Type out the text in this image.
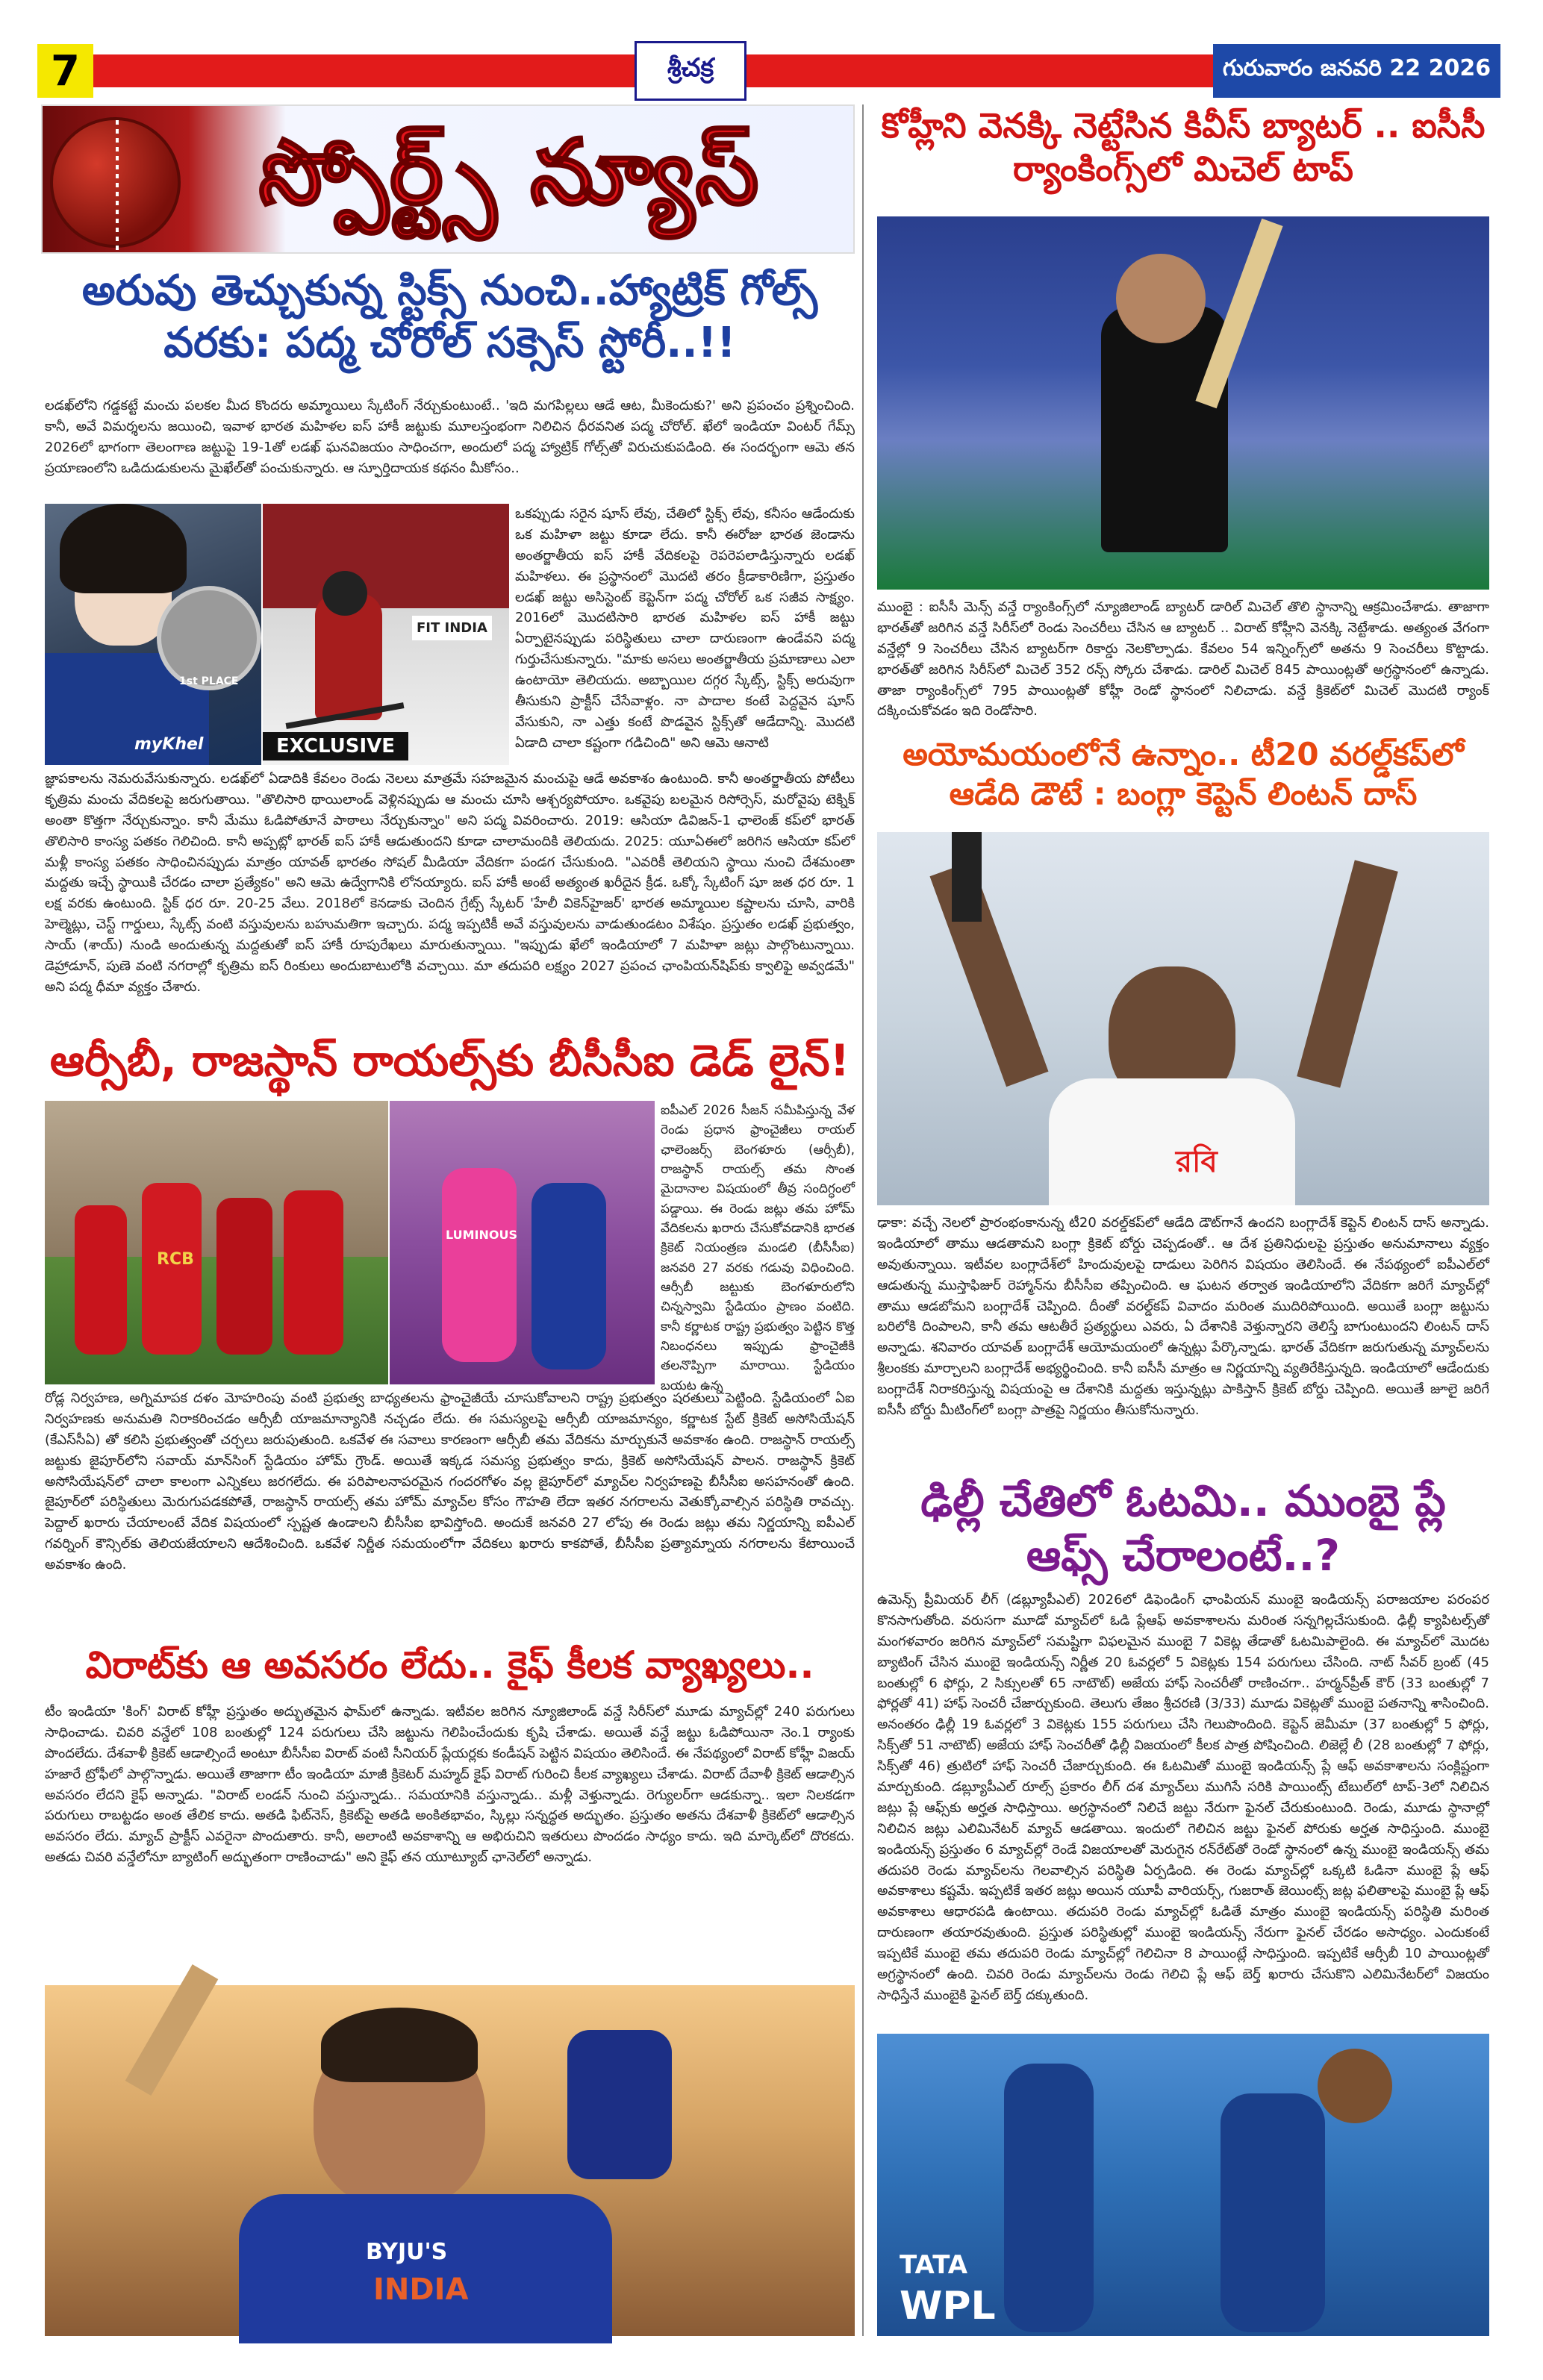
7	శ్రీచక్ర	గురువారం జనవరి 22 2026
స్పోర్ట్స్ న్యూస్
అరువు తెచ్చుకున్న స్టిక్స్ నుంచి..హ్యాట్రిక్ గోల్స్ వరకు: పద్మ చోరోల్ సక్సెస్ స్టోరీ..!!
లడఖ్‌లోని గడ్డకట్టే మంచు పలకల మీద కొందరు అమ్మాయిలు స్కేటింగ్ నేర్చుకుంటుంటే.. 'ఇది మగపిల్లలు ఆడే ఆట, మీకెందుకు?' అని ప్రపంచం ప్రశ్నించింది. కానీ, అవే విమర్శలను జయించి, ఇవాళ భారత మహిళల ఐస్ హాకీ జట్టుకు మూలస్తంభంగా నిలిచిన ధీరవనిత పద్మ చోరోల్. ఖేలో ఇండియా వింటర్ గేమ్స్ 2026లో భాగంగా తెలంగాణ జట్టుపై 19-1తో లడఖ్ ఘనవిజయం సాధించగా, అందులో పద్మ హ్యాట్రిక్ గోల్స్‌తో విరుచుకుపడింది. ఈ సందర్భంగా ఆమె తన ప్రయాణంలోని ఒడిదుడుకులను మైఖేల్‌తో పంచుకున్నారు. ఆ స్ఫూర్తిదాయక కథనం మీకోసం..
1st PLACE
myKhel
FIT INDIA
EXCLUSIVE
ఒకప్పుడు సరైన షూస్ లేవు, చేతిలో స్టిక్స్ లేవు, కనీసం ఆడేందుకు ఒక మహిళా జట్టు కూడా లేదు. కానీ ఈరోజు భారత జెండాను అంతర్జాతీయ ఐస్ హాకీ వేదికలపై రెపరెపలాడిస్తున్నారు లడఖ్ మహిళలు. ఈ ప్రస్థానంలో మొదటి తరం క్రీడాకారిణిగా, ప్రస్తుతం లడఖ్ జట్టు అసిస్టెంట్ కెప్టెన్‌గా పద్మ చోరోల్ ఒక సజీవ సాక్ష్యం. 2016లో మొదటిసారి భారత మహిళల ఐస్ హాకీ జట్టు ఏర్పాటైనప్పుడు పరిస్థితులు చాలా దారుణంగా ఉండేవని పద్మ గుర్తుచేసుకున్నారు. "మాకు అసలు అంతర్జాతీయ ప్రమాణాలు ఎలా ఉంటాయో తెలియదు. అబ్బాయిల దగ్గర స్కేట్స్, స్టిక్స్ అరువుగా తీసుకుని ప్రాక్టీస్ చేసేవాళ్లం. నా పాదాల కంటే పెద్దవైన షూస్ వేసుకుని, నా ఎత్తు కంటే పొడవైన స్టిక్స్‌తో ఆడేదాన్ని. మొదటి ఏడాది చాలా కష్టంగా గడిచింది" అని ఆమె ఆనాటి
జ్ఞాపకాలను నెమరువేసుకున్నారు. లడఖ్‌లో ఏడాదికి కేవలం రెండు నెలలు మాత్రమే సహజమైన మంచుపై ఆడే అవకాశం ఉంటుంది. కానీ అంతర్జాతీయ పోటీలు కృత్రిమ మంచు వేదికలపై జరుగుతాయి. "తొలిసారి థాయిలాండ్ వెళ్లినప్పుడు ఆ మంచు చూసి ఆశ్చర్యపోయాం. ఒకవైపు బలమైన రిసోర్సెస్, మరోవైపు టెక్నిక్ అంతా కొత్తగా నేర్చుకున్నాం. కానీ మేము ఓడిపోతూనే పాఠాలు నేర్చుకున్నాం" అని పద్మ వివరించారు. 2019: ఆసియా డివిజన్-1 ఛాలెంజ్ కప్‌లో భారత్ తొలిసారి కాంస్య పతకం గెలిచింది. కానీ అప్పట్లో భారత్ ఐస్ హాకీ ఆడుతుందని కూడా చాలామందికి తెలియదు. 2025: యూఏఈలో జరిగిన ఆసియా కప్‌లో మళ్లీ కాంస్య పతకం సాధించినప్పుడు మాత్రం యావత్ భారతం సోషల్ మీడియా వేదికగా పండగ చేసుకుంది. "ఎవరికీ తెలియని స్థాయి నుంచి దేశమంతా మద్దతు ఇచ్చే స్థాయికి చేరడం చాలా ప్రత్యేకం" అని ఆమె ఉద్వేగానికి లోనయ్యారు. ఐస్ హాకీ అంటే అత్యంత ఖరీదైన క్రీడ. ఒక్కో స్కేటింగ్ షూ జత ధర రూ. 1 లక్ష వరకు ఉంటుంది. స్టిక్ ధర రూ. 20-25 వేలు. 2018లో కెనడాకు చెందిన గ్రేట్స్ స్కేటర్ 'హేలీ వికెన్‌హైజర్' భారత అమ్మాయిల కష్టాలను చూసి, వారికి హెల్మెట్లు, చెస్ట్ గార్డులు, స్కేట్స్ వంటి వస్తువులను బహుమతిగా ఇచ్చారు. పద్మ ఇప్పటికీ అవే వస్తువులను వాడుతుండటం విశేషం. ప్రస్తుతం లడఖ్ ప్రభుత్వం, సాయ్ (శాయ్) నుండి అందుతున్న మద్దతుతో ఐస్ హాకీ రూపురేఖలు మారుతున్నాయి. "ఇప్పుడు ఖేలో ఇండియాలో 7 మహిళా జట్లు పాల్గొంటున్నాయి. డెహ్రాడూన్, పుణె వంటి నగరాల్లో కృత్రిమ ఐస్ రింకులు అందుబాటులోకి వచ్చాయి. మా తదుపరి లక్ష్యం 2027 ప్రపంచ ఛాంపియన్‌షిప్‌కు క్వాలిఫై అవ్వడమే" అని పద్మ ధీమా వ్యక్తం చేశారు.
ఆర్సీబీ, రాజస్థాన్ రాయల్స్‌కు బీసీసీఐ డెడ్ లైన్!
RCB
LUMINOUS
ఐపీఎల్ 2026 సీజన్ సమీపిస్తున్న వేళ రెండు ప్రధాన ఫ్రాంచైజీలు రాయల్ ఛాలెంజర్స్ బెంగళూరు (ఆర్సీబీ), రాజస్థాన్ రాయల్స్ తమ సొంత మైదానాల విషయంలో తీవ్ర సందిగ్ధంలో పడ్డాయి. ఈ రెండు జట్లు తమ హోమ్ వేదికలను ఖరారు చేసుకోవడానికి భారత క్రికెట్ నియంత్రణ మండలి (బీసీసీఐ) జనవరి 27 వరకు గడువు విధించింది. ఆర్సీబీ జట్టుకు బెంగళూరులోని చిన్నస్వామి స్టేడియం ప్రాణం వంటిది. కానీ కర్ణాటక రాష్ట్ర ప్రభుత్వం పెట్టిన కొత్త నిబంధనలు ఇప్పుడు ఫ్రాంచైజీకి తలనొప్పిగా మారాయి. స్టేడియం బయట ఉన్న
రోడ్ల నిర్వహణ, అగ్నిమాపక దళం మోహరింపు వంటి ప్రభుత్వ బాధ్యతలను ఫ్రాంచైజీయే చూసుకోవాలని రాష్ట్ర ప్రభుత్వం షరతులు పెట్టింది. స్టేడియంలో ఏఐ నిర్వహణకు అనుమతి నిరాకరించడం ఆర్సీబీ యాజమాన్యానికి నచ్చడం లేదు. ఈ సమస్యలపై ఆర్సీబీ యాజమాన్యం, కర్ణాటక స్టేట్ క్రికెట్ అసోసియేషన్ (కేఎస్‌సీఏ) తో కలిసి ప్రభుత్వంతో చర్చలు జరుపుతుంది. ఒకవేళ ఈ సవాలు కారణంగా ఆర్సీబీ తమ వేదికను మార్చుకునే అవకాశం ఉంది. రాజస్థాన్ రాయల్స్ జట్టుకు జైపూర్‌లోని సవాయ్ మాన్‌సింగ్ స్టేడియం హోమ్ గ్రౌండ్. అయితే ఇక్కడ సమస్య ప్రభుత్వం కాదు, క్రికెట్ అసోసియేషన్ పాలన. రాజస్థాన్ క్రికెట్ అసోసియేషన్‌లో చాలా కాలంగా ఎన్నికలు జరగలేదు. ఈ పరిపాలనాపరమైన గందరగోళం వల్ల జైపూర్‌లో మ్యాచ్‌ల నిర్వహణపై బీసీసీఐ అసహనంతో ఉంది. జైపూర్‌లో పరిస్థితులు మెరుగుపడకపోతే, రాజస్థాన్ రాయల్స్ తమ హోమ్ మ్యాచ్‌ల కోసం గౌహతి లేదా ఇతర నగరాలను వెతుక్కోవాల్సిన పరిస్థితి రావచ్చు. పెద్దాల్ ఖరారు చేయాలంటే వేదిక విషయంలో స్పష్టత ఉండాలని బీసీసీఐ భావిస్తోంది. అందుకే జనవరి 27 లోపు ఈ రెండు జట్లు తమ నిర్ణయాన్ని ఐపీఎల్ గవర్నింగ్ కౌన్సిల్‌కు తెలియజేయాలని ఆదేశించింది. ఒకవేళ నిర్ణీత సమయంలోగా వేదికలు ఖరారు కాకపోతే, బీసీసీఐ ప్రత్యామ్నాయ నగరాలను కేటాయించే అవకాశం ఉంది.
విరాట్‌కు ఆ అవసరం లేదు.. కైఫ్ కీలక వ్యాఖ్యలు..
టీం ఇండియా 'కింగ్' విరాట్ కోహ్లీ ప్రస్తుతం అద్భుతమైన ఫామ్‌లో ఉన్నాడు. ఇటీవల జరిగిన న్యూజిలాండ్ వన్డే సిరీస్‌లో మూడు మ్యాచ్‌ల్లో 240 పరుగులు సాధించాడు. చివరి వన్డేలో 108 బంతుల్లో 124 పరుగులు చేసి జట్టును గెలిపించేందుకు కృషి చేశాడు. అయితే వన్డే జట్టు ఓడిపోయినా నెం.1 ర్యాంకు పొందలేదు. దేశవాళీ క్రికెట్ ఆడాల్సిందే అంటూ బీసీసీఐ విరాట్ వంటి సీనియర్ ప్లేయర్లకు కండీషన్ పెట్టిన విషయం తెలిసిందే. ఈ నేపథ్యంలో విరాట్ కోహ్లీ విజయ్ హజారే ట్రోఫీలో పాల్గొన్నాడు. అయితే తాజాగా టీం ఇండియా మాజీ క్రికెటర్ మహ్మద్ కైఫ్ విరాట్ గురించి కీలక వ్యాఖ్యలు చేశాడు. విరాట్ దేవాళీ క్రికెట్ ఆడాల్సిన అవసరం లేదని కైఫ్ అన్నాడు. "విరాట్ లండన్ నుంచి వస్తున్నాడు.. సమయానికి వస్తున్నాడు.. మళ్లీ వెళ్తున్నాడు. రెగ్యులర్‌గా ఆడకున్నా.. ఇలా నిలకడగా పరుగులు రాబట్టడం అంత తేలిక కాదు. అతడి ఫిట్‌నెస్, క్రికెట్‌పై అతడి అంకితభావం, స్కిల్లు సన్నద్ధత అద్భుతం. ప్రస్తుతం అతను దేశవాళీ క్రికెట్‌లో ఆడాల్సిన అవసరం లేదు. మ్యాచ్ ప్రాక్టీస్ ఎవరైనా పొందుతారు. కానీ, అలాంటి అవకాశాన్ని ఆ అభిరుచిని ఇతరులు పొందడం సాధ్యం కాదు. ఇది మార్కెట్‌లో దొరకదు. అతడు చివరి వన్డేలోనూ బ్యాటింగ్ అద్భుతంగా రాణించాడు" అని కైఫ్ తన యూట్యూబ్ ఛానెల్‌లో అన్నాడు.
BYJU'S
INDIA
కోహ్లీని వెనక్కి నెట్టేసిన కివీస్ బ్యాటర్ .. ఐసీసీ ర్యాంకింగ్స్‌లో మిచెల్ టాప్
ముంబై : ఐసీసీ మెన్స్ వన్డే ర్యాంకింగ్స్‌లో న్యూజిలాండ్ బ్యాటర్ డారిల్ మిచెల్ తొలి స్థానాన్ని ఆక్రమించేశాడు. తాజాగా భారత్‌తో జరిగిన వన్డే సిరీస్‌లో రెండు సెంచరీలు చేసిన ఆ బ్యాటర్ .. విరాట్ కోహ్లీని వెనక్కి నెట్టేశాడు. అత్యంత వేగంగా వన్డేల్లో 9 సెంచరీలు చేసిన బ్యాటర్‌గా రికార్డు నెలకొల్పాడు. కేవలం 54 ఇన్నింగ్స్‌లో అతను 9 సెంచరీలు కొట్టాడు. భారత్‌తో జరిగిన సిరీస్‌లో మిచెల్ 352 రన్స్ స్కోరు చేశాడు. డారిల్ మిచెల్ 845 పాయింట్లతో అగ్రస్థానంలో ఉన్నాడు. తాజా ర్యాంకింగ్స్‌లో 795 పాయింట్లతో కోహ్లీ రెండో స్థానంలో నిలిచాడు. వన్డే క్రికెట్‌లో మిచెల్ మొదటి ర్యాంక్ దక్కించుకోవడం ఇది రెండోసారి.
అయోమయంలోనే ఉన్నాం.. టీ20 వరల్డ్‌కప్‌లో ఆడేది డౌటే : బంగ్లా కెప్టెన్ లింటన్ దాస్
রবি
ఢాకా: వచ్చే నెలలో ప్రారంభంకానున్న టీ20 వరల్డ్‌కప్‌లో ఆడేది డౌట్‌గానే ఉందని బంగ్లాదేశ్ కెప్టెన్ లింటన్ దాస్ అన్నాడు. ఇండియాలో తాము ఆడతామని బంగ్లా క్రికెట్ బోర్డు చెప్పడంతో.. ఆ దేశ ప్రతినిధులపై ప్రస్తుతం అనుమానాలు వ్యక్తం అవుతున్నాయి. ఇటీవల బంగ్లాదేశ్‌లో హిందువులపై దాడులు పెరిగిన విషయం తెలిసిందే. ఈ నేపథ్యంలో ఐపీఎల్‌లో ఆడుతున్న ముస్తాఫిజుర్ రెహ్మాన్‌ను బీసీసీఐ తప్పించింది. ఆ ఘటన తర్వాత ఇండియాలోని వేదికగా జరిగే మ్యాచ్‌ల్లో తాము ఆడబోమని బంగ్లాదేశ్ చెప్పింది. దీంతో వరల్డ్‌కప్ వివాదం మరింత ముదిరిపోయింది. అయితే బంగ్లా జట్టును బరిలోకి దింపాలని, కానీ తమ ఆటతీరే ప్రత్యర్థులు ఎవరు, ఏ దేశానికి వెళ్తున్నారని తెలిస్తే బాగుంటుందని లింటన్ దాస్ అన్నాడు. శనివారం యావత్ బంగ్లాదేశ్ ఆయోమయంలో ఉన్నట్లు పేర్కొన్నాడు. భారత్ వేదికగా జరుగుతున్న మ్యాచ్‌లను శ్రీలంకకు మార్చాలని బంగ్లాదేశ్ అభ్యర్థించింది. కానీ ఐసీసీ మాత్రం ఆ నిర్ణయాన్ని వ్యతిరేకిస్తున్నది. ఇండియాలో ఆడేందుకు బంగ్లాదేశ్ నిరాకరిస్తున్న విషయంపై ఆ దేశానికి మద్దతు ఇస్తున్నట్లు పాకిస్తాన్ క్రికెట్ బోర్డు చెప్పింది. అయితే జూలై జరిగే ఐసీసీ బోర్డు మీటింగ్‌లో బంగ్లా పాత్రపై నిర్ణయం తీసుకోనున్నారు.
ఢిల్లీ చేతిలో ఓటమి.. ముంబై ప్లే ఆఫ్స్ చేరాలంటే..?
ఉమెన్స్ ప్రీమియర్ లీగ్ (డబ్ల్యూపీఎల్) 2026లో డిఫెండింగ్ ఛాంపియన్ ముంబై ఇండియన్స్ పరాజయాల పరంపర కొనసాగుతోంది. వరుసగా మూడో మ్యాచ్‌లో ఓడి ప్లేఆఫ్ అవకాశాలను మరింత సన్నగిల్లచేసుకుంది. ఢిల్లీ క్యాపిటల్స్‌తో మంగళవారం జరిగిన మ్యాచ్‌లో సమష్టిగా విఫలమైన ముంబై 7 వికెట్ల తేడాతో ఓటమిపాలైంది. ఈ మ్యాచ్‌లో మొదట బ్యాటింగ్ చేసిన ముంబై ఇండియన్స్ నిర్ణీత 20 ఓవర్లలో 5 వికెట్లకు 154 పరుగులు చేసింది. నాట్ సీవర్ బ్రంట్ (45 బంతుల్లో 6 ఫోర్లు, 2 సిక్సులతో 65 నాటౌట్) అజేయ హాఫ్ సెంచరీతో రాణించగా.. హర్మన్‌ప్రీత్ కౌర్ (33 బంతుల్లో 7 ఫోర్లతో 41) హాఫ్ సెంచరీ చేజార్చుకుంది. తెలుగు తేజం శ్రీచరణి (3/33) మూడు వికెట్లతో ముంబై పతనాన్ని శాసించింది. అనంతరం ఢిల్లీ 19 ఓవర్లలో 3 వికెట్లకు 155 పరుగులు చేసి గెలుపొందింది. కెప్టెన్ జెమీమా (37 బంతుల్లో 5 ఫోర్లు, సిక్స్‌తో 51 నాటౌట్) అజేయ హాఫ్ సెంచరీతో ఢిల్లీ విజయంలో కీలక పాత్ర పోషించింది. లిజెల్లే లీ (28 బంతుల్లో 7 ఫోర్లు, సిక్స్‌తో 46) త్రుటిలో హాఫ్ సెంచరీ చేజార్చుకుంది. ఈ ఓటమితో ముంబై ఇండియన్స్ ప్లే ఆఫ్ అవకాశాలను సంక్లిష్టంగా మార్చుకుంది. డబ్ల్యూపీఎల్ రూల్స్ ప్రకారం లీగ్ దశ మ్యాచ్‌లు ముగిసే సరికి పాయింట్స్ టేబుల్‌లో టాప్-3లో నిలిచిన జట్లు ప్లే ఆఫ్స్‌కు అర్హత సాధిస్తాయి. అగ్రస్థానంలో నిలిచే జట్టు నేరుగా ఫైనల్ చేరుకుంటుంది. రెండు, మూడు స్థానాల్లో నిలిచిన జట్లు ఎలిమినేటర్ మ్యాచ్ ఆడతాయి. ఇందులో గెలిచిన జట్టు ఫైనల్ పోరుకు అర్హత సాధిస్తుంది. ముంబై ఇండియన్స్ ప్రస్తుతం 6 మ్యాచ్‌ల్లో రెండే విజయాలతో మెరుగైన రన్‌రేట్‌తో రెండో స్థానంలో ఉన్న ముంబై ఇండియన్స్ తమ తదుపరి రెండు మ్యాచ్‌లను గెలవాల్సిన పరిస్థితి ఏర్పడింది. ఈ రెండు మ్యాచ్‌ల్లో ఒక్కటి ఓడినా ముంబై ప్లే ఆఫ్ అవకాశాలు కష్టమే. ఇప్పటికే ఇతర జట్లు అయిన యూపీ వారియర్స్, గుజరాత్ జెయింట్స్ జట్ల ఫలితాలపై ముంబై ప్లే ఆఫ్ అవకాశాలు ఆధారపడి ఉంటాయి. తదుపరి రెండు మ్యాచ్‌ల్లో ఓడితే మాత్రం ముంబై ఇండియన్స్ పరిస్థితి మరింత దారుణంగా తయారవుతుంది. ప్రస్తుత పరిస్థితుల్లో ముంబై ఇండియన్స్ నేరుగా ఫైనల్ చేరడం అసాధ్యం. ఎందుకంటే ఇప్పటికే ముంబై తమ తదుపరి రెండు మ్యాచ్‌ల్లో గెలిచినా 8 పాయింట్లే సాధిస్తుంది. ఇప్పటికే ఆర్సీబీ 10 పాయింట్లతో అగ్రస్థానంలో ఉంది. చివరి రెండు మ్యాచ్‌లను రెండు గెలిచి ప్లే ఆఫ్ బెర్త్ ఖరారు చేసుకొని ఎలిమినేటర్‌లో విజయం సాధిస్తేనే ముంబైకి ఫైనల్ బెర్త్ దక్కుతుంది.
TATA
WPL
